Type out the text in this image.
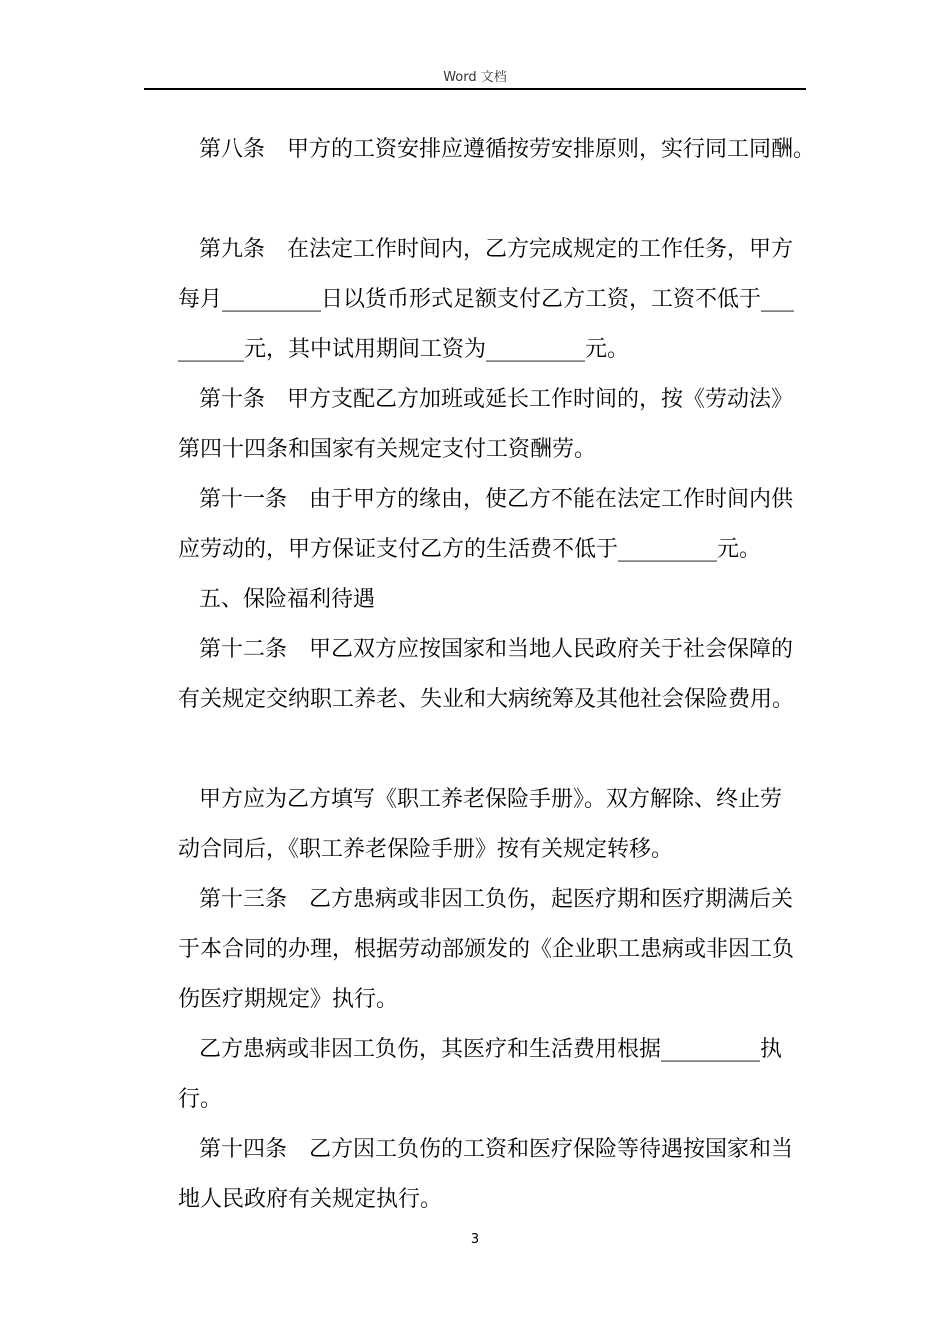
Word 文档

第八条　甲方的工资安排应遵循按劳安排原则，实行同工同酬。

第九条　在法定工作时间内，乙方完成规定的工作任务，甲方

每月_________日以货币形式足额支付乙方工资，工资不低于___

______元，其中试用期间工资为_________元。

第十条　甲方支配乙方加班或延长工作时间的，按《劳动法》

第四十四条和国家有关规定支付工资酬劳。

第十一条　由于甲方的缘由，使乙方不能在法定工作时间内供

应劳动的，甲方保证支付乙方的生活费不低于_________元。

五、保险福利待遇

第十二条　甲乙双方应按国家和当地人民政府关于社会保障的

有关规定交纳职工养老、失业和大病统筹及其他社会保险费用。

甲方应为乙方填写《职工养老保险手册》。双方解除、终止劳

动合同后，《职工养老保险手册》按有关规定转移。

第十三条　乙方患病或非因工负伤，起医疗期和医疗期满后关

于本合同的办理，根据劳动部颁发的《企业职工患病或非因工负

伤医疗期规定》执行。

乙方患病或非因工负伤，其医疗和生活费用根据_________执

行。

第十四条　乙方因工负伤的工资和医疗保险等待遇按国家和当

地人民政府有关规定执行。

3
